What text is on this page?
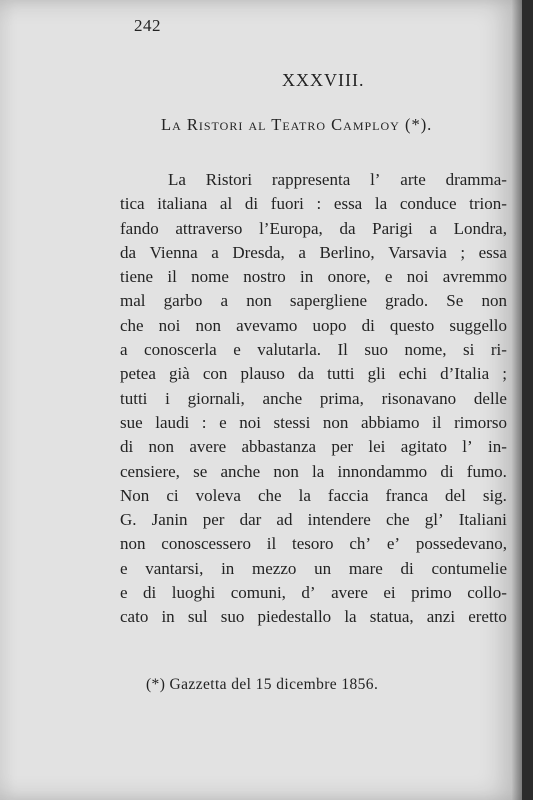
242
XXXVIII.
La Ristori al Teatro Camploy (*).
La Ristori rappresenta l’ arte dramma-
tica italiana al di fuori : essa la conduce trion-
fando attraverso l’Europa, da Parigi a Londra,
da Vienna a Dresda, a Berlino, Varsavia ; essa
tiene il nome nostro in onore, e noi avremmo
mal garbo a non sapergliene grado. Se non
che noi non avevamo uopo di questo suggello
a conoscerla e valutarla. Il suo nome, si ri-
petea già con plauso da tutti gli echi d’Italia ;
tutti i giornali, anche prima, risonavano delle
sue laudi : e noi stessi non abbiamo il rimorso
di non avere abbastanza per lei agitato l’ in-
censiere, se anche non la innondammo di fumo.
Non ci voleva che la faccia franca del sig.
G. Janin per dar ad intendere che gl’ Italiani
non conoscessero il tesoro ch’ e’ possedevano,
e vantarsi, in mezzo un mare di contumelie
e di luoghi comuni, d’ avere ei primo collo-
cato in sul suo piedestallo la statua, anzi eretto
(*) Gazzetta del 15 dicembre 1856.
